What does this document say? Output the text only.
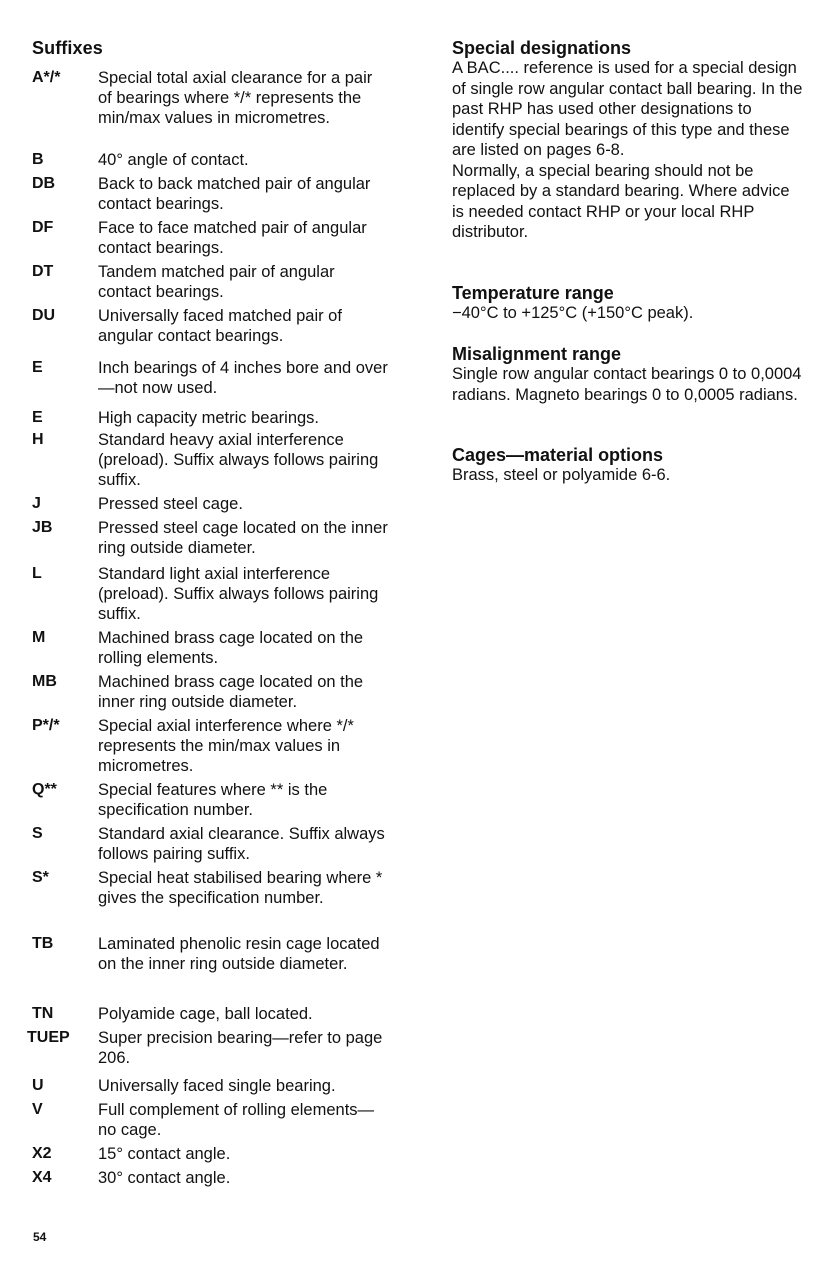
Suffixes
A*/*	Special total axial clearance for a pair of bearings where */* represents the min/max values in micrometres.
B	40° angle of contact.
DB	Back to back matched pair of angular contact bearings.
DF	Face to face matched pair of angular contact bearings.
DT	Tandem matched pair of angular contact bearings.
DU	Universally faced matched pair of angular contact bearings.
E	Inch bearings of 4 inches bore and over—not now used.
E	High capacity metric bearings.
H	Standard heavy axial interference (preload). Suffix always follows pairing suffix.
J	Pressed steel cage.
JB	Pressed steel cage located on the inner ring outside diameter.
L	Standard light axial interference (preload). Suffix always follows pairing suffix.
M	Machined brass cage located on the rolling elements.
MB	Machined brass cage located on the inner ring outside diameter.
P*/*	Special axial interference where */* represents the min/max values in micrometres.
Q**	Special features where ** is the specification number.
S	Standard axial clearance. Suffix always follows pairing suffix.
S*	Special heat stabilised bearing where * gives the specification number.
TB	Laminated phenolic resin cage located on the inner ring outside diameter.
TN	Polyamide cage, ball located.
TUEP	Super precision bearing—refer to page 206.
U	Universally faced single bearing.
V	Full complement of rolling elements—no cage.
X2	15° contact angle.
X4	30° contact angle.
Special designations

A BAC.... reference is used for a special design of single row angular contact ball bearing. In the past RHP has used other designations to identify special bearings of this type and these are listed on pages 6-8.

Normally, a special bearing should not be replaced by a standard bearing. Where advice is needed contact RHP or your local RHP distributor.

Temperature range

−40°C to +125°C (+150°C peak).

Misalignment range

Single row angular contact bearings 0 to 0,0004 radians. Magneto bearings 0 to 0,0005 radians.

Cages—material options

Brass, steel or polyamide 6-6.

54
